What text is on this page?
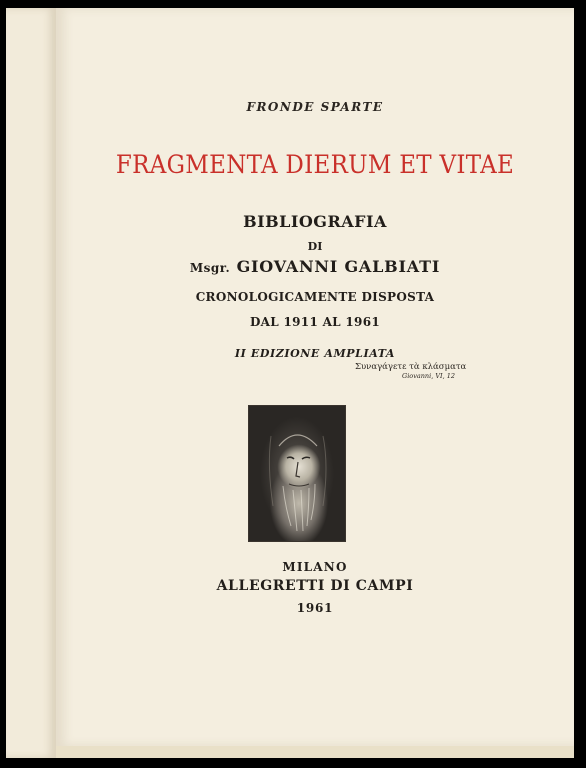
FRONDE SPARTE
FRAGMENTA DIERUM ET VITAE
BIBLIOGRAFIA
DI
Msgr. GIOVANNI GALBIATI
CRONOLOGICAMENTE DISPOSTA
DAL 1911 AL 1961
II EDIZIONE AMPLIATA
Συναγάγετε τὰ κλάσματα
Giovanni, VI, 12
MILANO
ALLEGRETTI DI CAMPI
1961
